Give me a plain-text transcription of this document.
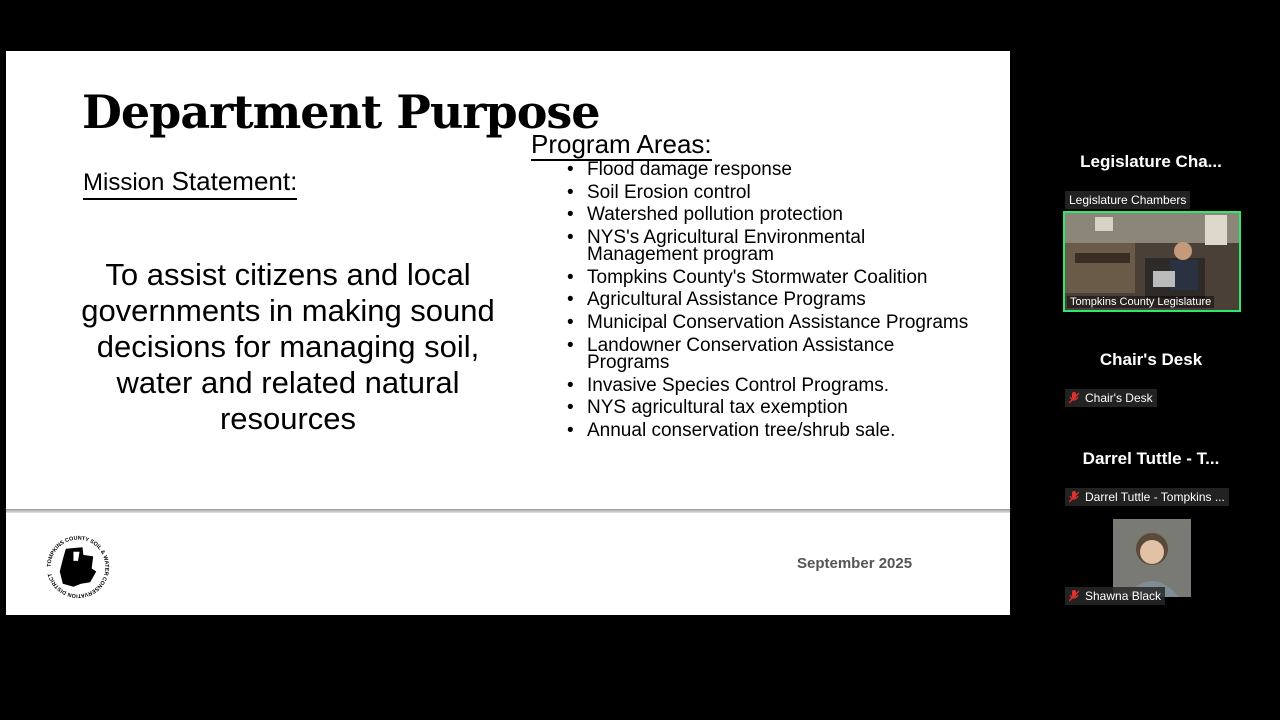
Department Purpose
Mission Statement:
To assist citizens and local governments in making sound decisions for managing soil, water and related natural resources
Program Areas:
• Flood damage response
• Soil Erosion control
• Watershed pollution protection
• NYS's Agricultural Environmental Management program
• Tompkins County's Stormwater Coalition
• Agricultural Assistance Programs
• Municipal Conservation Assistance Programs
• Landowner Conservation Assistance Programs
• Invasive Species Control Programs.
• NYS agricultural tax exemption
• Annual conservation tree/shrub sale.
TOMPKINS COUNTY SOIL & WATER CONSERVATION DISTRICT
September 2025
Legislature Cha...
Legislature Chambers
Tompkins County Legislature
Chair's Desk
Chair's Desk
Darrel Tuttle - T...
Darrel Tuttle - Tompkins ...
Shawna Black
